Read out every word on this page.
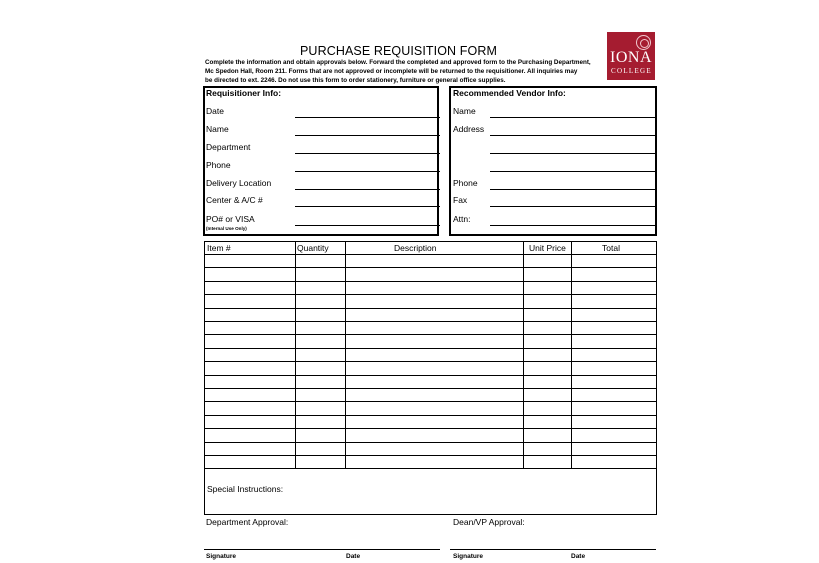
PURCHASE REQUISITION FORM
Complete the information and obtain approvals below. Forward the completed and approved form to the Purchasing Department,
Mc Spedon Hall, Room 211. Forms that are not approved or incomplete will be returned to the requisitioner. All inquiries may
be directed to ext. 2246. Do not use this form to order stationery, furniture or general office supplies.
IONA
COLLEGE
Requisitioner Info:
Date
Name
Department
Phone
Delivery Location
Center & A/C #
PO# or VISA
(Internal Use Only)
Recommended Vendor Info:
Name
Address
Phone
Fax
Attn:
Item #	Quantity	Description	Unit Price	Total
Special Instructions:
Department Approval:	Dean/VP Approval:
Signature	Date	Signature	Date
